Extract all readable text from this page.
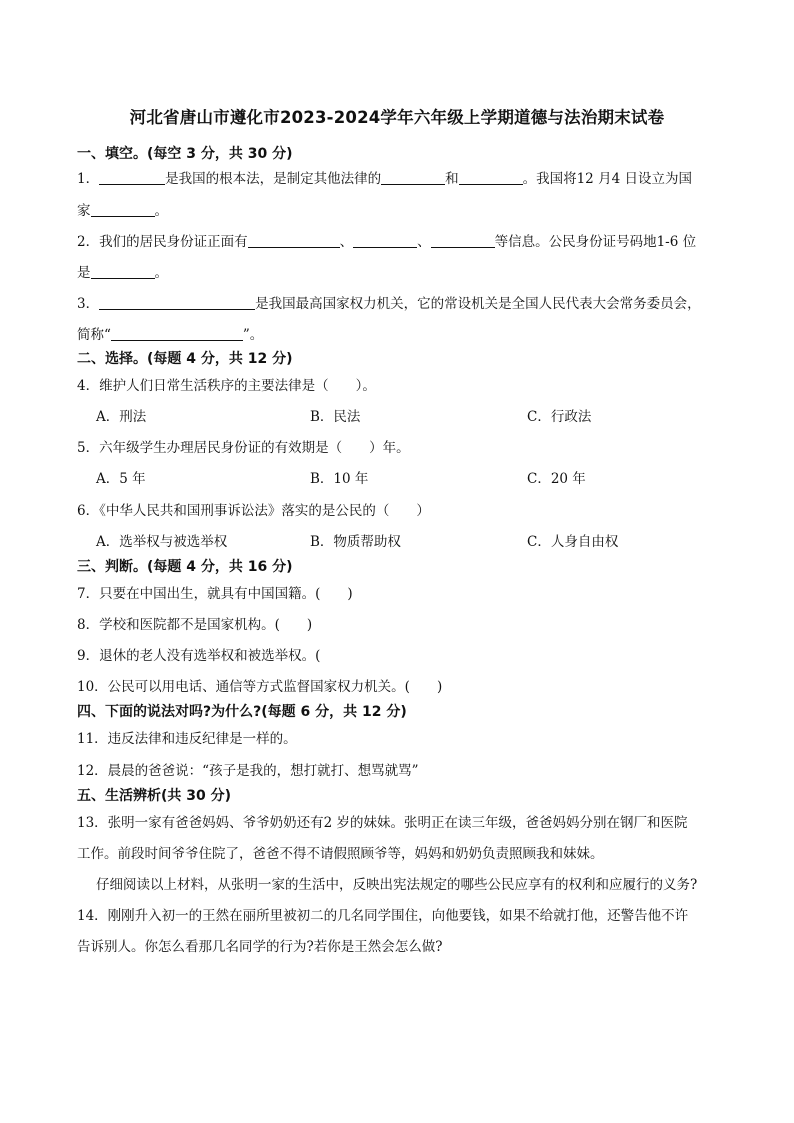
河北省唐山市遵化市2023-2024学年六年级上学期道德与法治期末试卷
一、填空。(每空 3 分，共 30 分)
1．	是我国的根本法，是制定其他法律的	和	。我国将12 月4 日设立为国
家	。
2．我们的居民身份证正面有	、	、	等信息。公民身份证号码地1-6 位
是	。
3．	是我国最高国家权力机关，它的常设机关是全国人民代表大会常务委员会，
简称“	”。
二、选择。(每题 4 分，共 12 分)
4．维护人们日常生活秩序的主要法律是（　　）。
A．刑法	B．民法	C．行政法
5．六年级学生办理居民身份证的有效期是（　　）年。
A．5 年	B．10 年	C．20 年
6．《中华人民共和国刑事诉讼法》落实的是公民的（　　）
A．选举权与被选举权	B．物质帮助权	C．人身自由权
三、判断。(每题 4 分，共 16 分)
7．只要在中国出生，就具有中国国籍。(　　)
8．学校和医院都不是国家机构。(　　)
9．退休的老人没有选举权和被选举权。(
10．公民可以用电话、通信等方式监督国家权力机关。(　　)
四、下面的说法对吗?为什么?(每题 6 分，共 12 分)
11．违反法律和违反纪律是一样的。
12．晨晨的爸爸说：“孩子是我的，想打就打、想骂就骂”
五、生活辨析(共 30 分)
13．张明一家有爸爸妈妈、爷爷奶奶还有2 岁的妹妹。张明正在读三年级，爸爸妈妈分别在钢厂和医院
工作。前段时间爷爷住院了，爸爸不得不请假照顾爷等，妈妈和奶奶负责照顾我和妹妹。
仔细阅读以上材料，从张明一家的生活中，反映出宪法规定的哪些公民应享有的权利和应履行的义务?
14．刚刚升入初一的王然在丽所里被初二的几名同学围住，向他要钱，如果不给就打他，还警告他不许
告诉别人。你怎么看那几名同学的行为?若你是王然会怎么做?
